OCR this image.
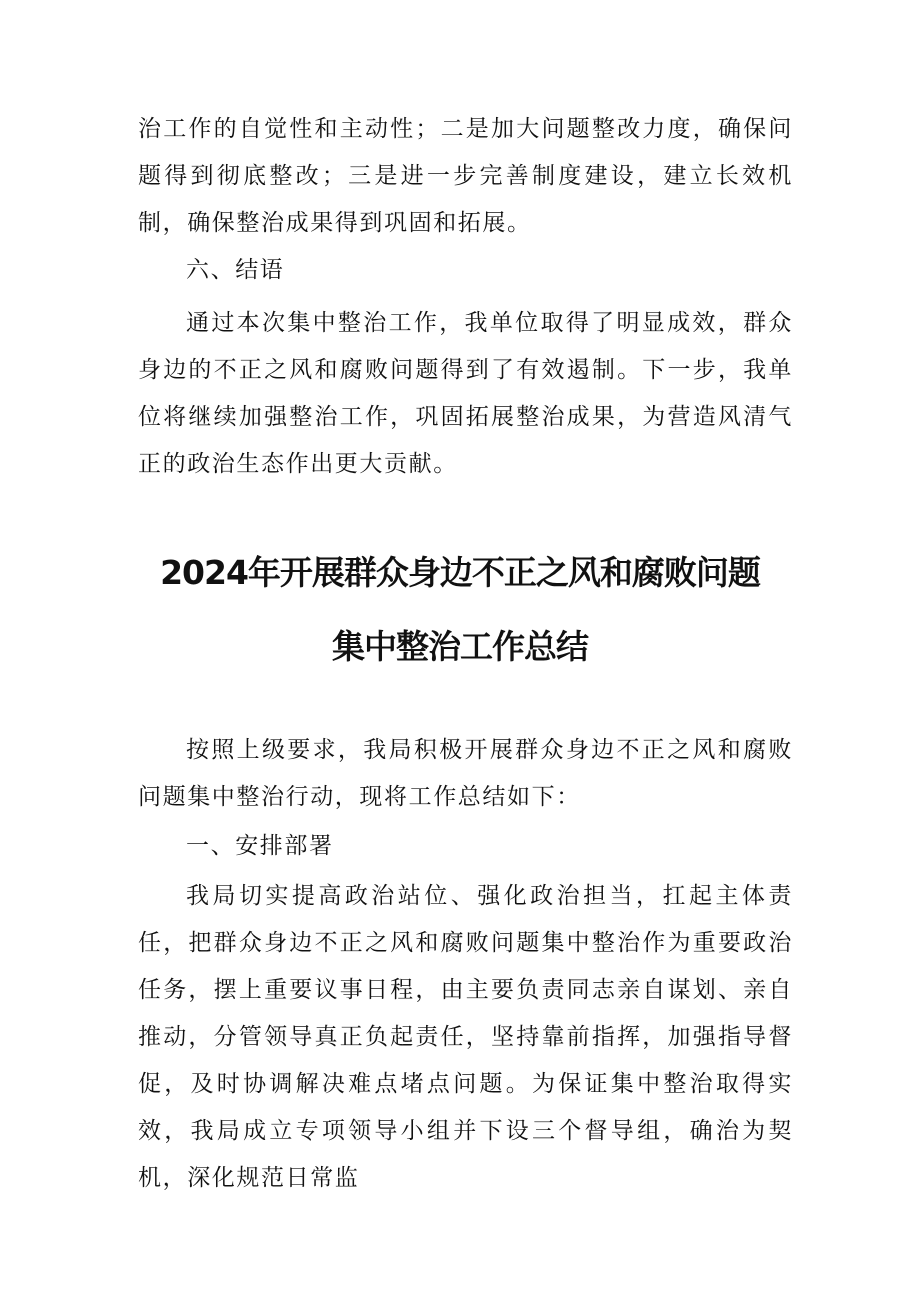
治工作的自觉性和主动性；二是加大问题整改力度，确保问题得到彻底整改；三是进一步完善制度建设，建立长效机制，确保整治成果得到巩固和拓展。

六、结语

通过本次集中整治工作，我单位取得了明显成效，群众身边的不正之风和腐败问题得到了有效遏制。下一步，我单位将继续加强整治工作，巩固拓展整治成果，为营造风清气正的政治生态作出更大贡献。

2024年开展群众身边不正之风和腐败问题
集中整治工作总结

按照上级要求，我局积极开展群众身边不正之风和腐败问题集中整治行动，现将工作总结如下：

一、安排部署

我局切实提高政治站位、强化政治担当，扛起主体责任，把群众身边不正之风和腐败问题集中整治作为重要政治任务，摆上重要议事日程，由主要负责同志亲自谋划、亲自推动，分管领导真正负起责任，坚持靠前指挥，加强指导督促，及时协调解决难点堵点问题。为保证集中整治取得实效，我局成立专项领导小组并下设三个督导组，确治为契机，深化规范日常监
